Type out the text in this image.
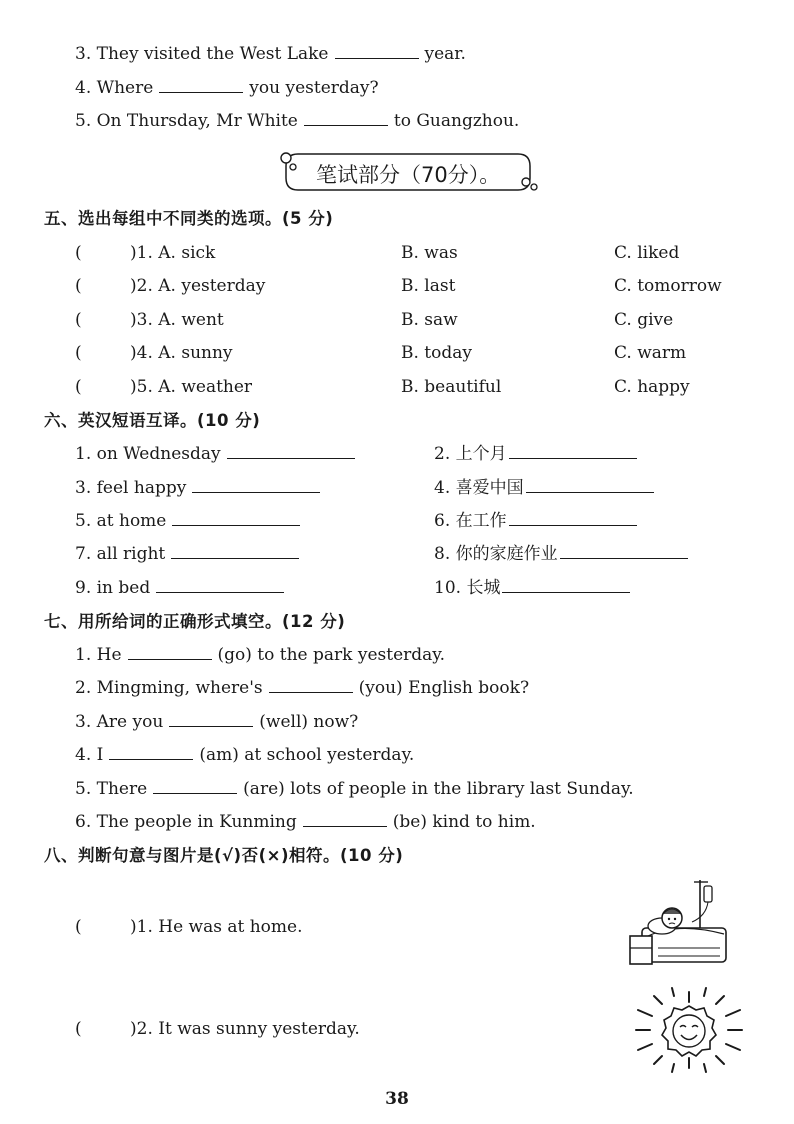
3. They visited the West Lake	year.
4. Where	you yesterday?
5. On Thursday, Mr White	to Guangzhou.
笔试部分（70分）。
五、选出每组中不同类的选项。(5 分)
(	)1. A. sick	B. was	C. liked
(	)2. A. yesterday	B. last	C. tomorrow
(	)3. A. went	B. saw	C. give
(	)4. A. sunny	B. today	C. warm
(	)5. A. weather	B. beautiful	C. happy
六、英汉短语互译。(10 分)
1. on Wednesday	2. 上个月
3. feel happy	4. 喜爱中国
5. at home	6. 在工作
7. all right	8. 你的家庭作业
9. in bed	10. 长城
七、用所给词的正确形式填空。(12 分)
1. He	(go) to the park yesterday.
2. Mingming, where's	(you) English book?
3. Are you	(well) now?
4. I	(am) at school yesterday.
5. There	(are) lots of people in the library last Sunday.
6. The people in Kunming	(be) kind to him.
八、判断句意与图片是(√)否(×)相符。(10 分)
(	)1. He was at home.
(	)2. It was sunny yesterday.
38
